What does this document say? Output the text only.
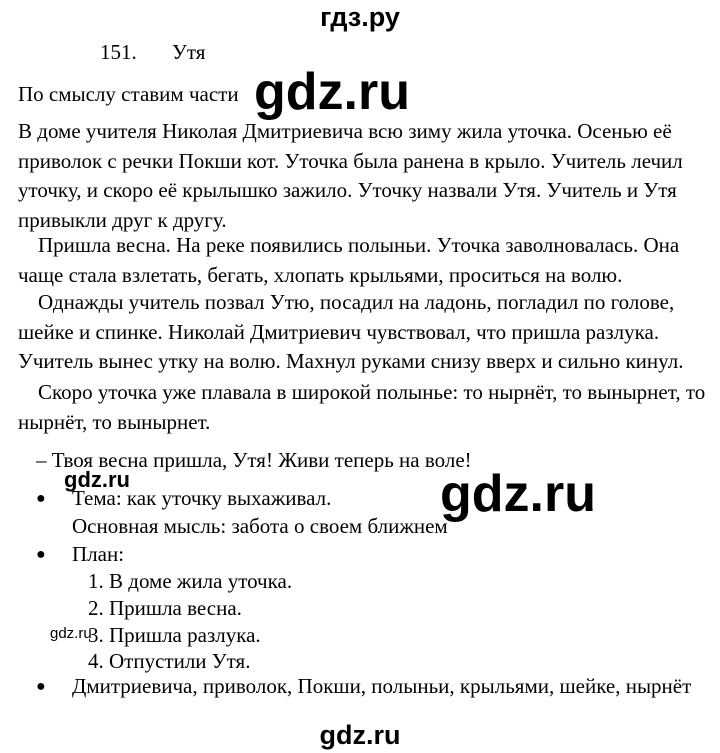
гдз.ру
151. Утя
По смыслу ставим части gdz.ru

В доме учителя Николая Дмитриевича всю зиму жила уточка. Осенью её приволок с речки Покши кот. Уточка была ранена в крыло. Учитель лечил уточку, и скоро её крылышко зажило. Уточку назвали Утя. Учитель и Утя привыкли друг к другу.

Пришла весна. На реке появились полыньи. Уточка заволновалась. Она чаще стала взлетать, бегать, хлопать крыльями, проситься на волю.

Однажды учитель позвал Утю, посадил на ладонь, погладил по голове, шейке и спинке. Николай Дмитриевич чувствовал, что пришла разлука. Учитель вынес утку на волю. Махнул руками снизу вверх и сильно кинул.

Скоро уточка уже плавала в широкой полынье: то нырнёт, то вынырнет, то нырнёт, то вынырнет.

– Твоя весна пришла, Утя! Живи теперь на воле!
gdz.ru	gdz.ru
● Тема: как уточку выхаживал.
Основная мысль: забота о своем ближнем
● План:
1. В доме жила уточка.
2. Пришла весна.
3. Пришла разлука.
gdz.ru
4. Отпустили Утя.
● Дмитриевича, приволок, Покши, полыньи, крыльями, шейке, нырнёт
gdz.ru
